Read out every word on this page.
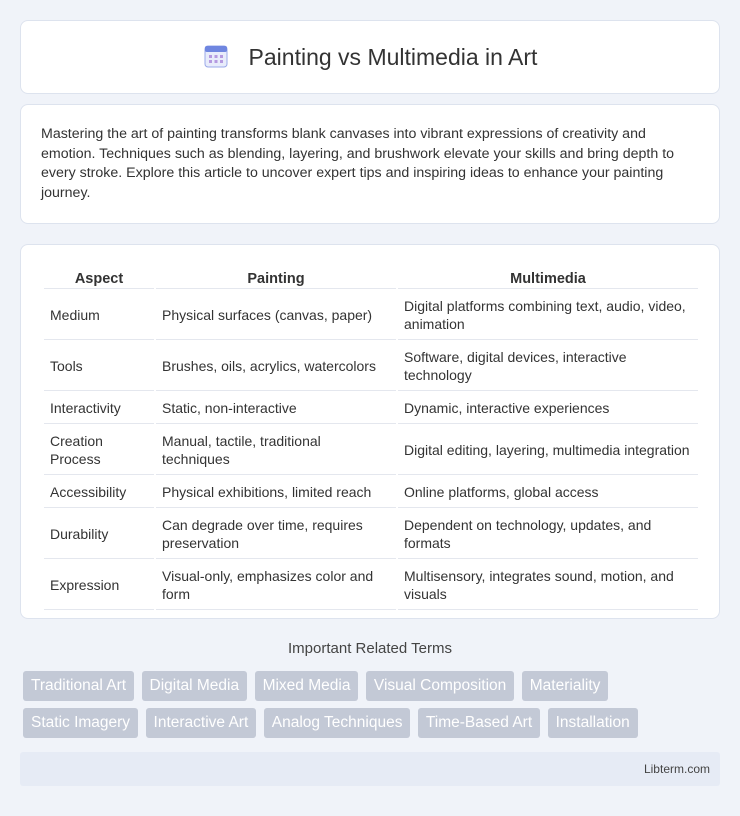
Painting vs Multimedia in Art

Mastering the art of painting transforms blank canvases into vibrant expressions of creativity and emotion. Techniques such as blending, layering, and brushwork elevate your skills and bring depth to every stroke. Explore this article to uncover expert tips and inspiring ideas to enhance your painting journey.

Aspect	Painting	Multimedia
Medium	Physical surfaces (canvas, paper)	Digital platforms combining text, audio, video, animation
Tools	Brushes, oils, acrylics, watercolors	Software, digital devices, interactive technology
Interactivity	Static, non-interactive	Dynamic, interactive experiences
Creation Process	Manual, tactile, traditional techniques	Digital editing, layering, multimedia integration
Accessibility	Physical exhibitions, limited reach	Online platforms, global access
Durability	Can degrade over time, requires preservation	Dependent on technology, updates, and formats
Expression	Visual-only, emphasizes color and form	Multisensory, integrates sound, motion, and visuals
Important Related Terms
Traditional Art Digital Media Mixed Media Visual Composition Materiality
Static Imagery Interactive Art Analog Techniques Time-Based Art Installation
Libterm.com
